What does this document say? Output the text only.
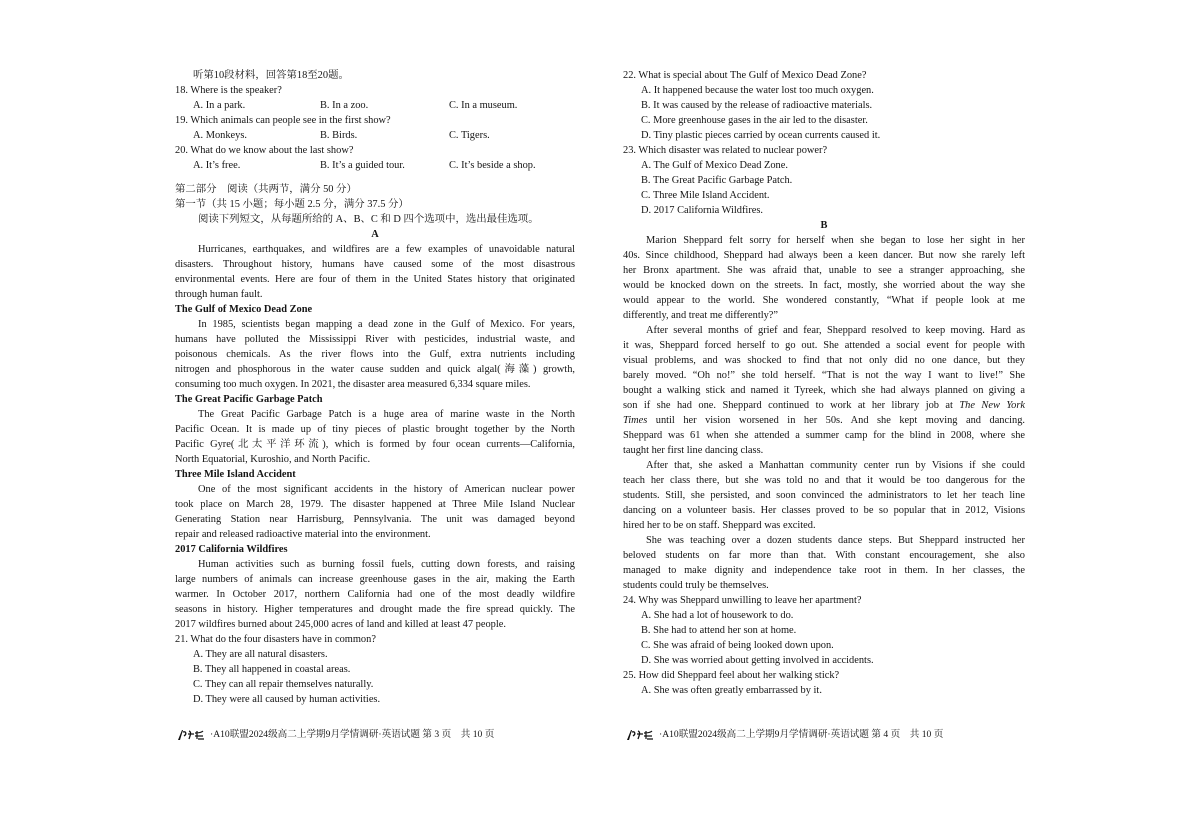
听第10段材料，回答第18至20题。
18. Where is the speaker?
A. In a park.	B. In a zoo.	C. In a museum.
19. Which animals can people see in the first show?
A. Monkeys.	B. Birds.	C. Tigers.
20. What do we know about the last show?
A. It’s free.	B. It’s a guided tour.	C. It’s beside a shop.
第二部分　阅读（共两节，满分 50 分）
第一节（共 15 小题；每小题 2.5 分，满分 37.5 分）
阅读下列短文，从每题所给的 A、B、C 和 D 四个选项中，选出最佳选项。
A
Hurricanes, earthquakes, and wildfires are a few examples of unavoidable natural
disasters. Throughout history, humans have caused some of the most disastrous
environmental events. Here are four of them in the United States history that originated
through human fault.
The Gulf of Mexico Dead Zone
In 1985, scientists began mapping a dead zone in the Gulf of Mexico. For years,
humans have polluted the Mississippi River with pesticides, industrial waste, and
poisonous chemicals. As the river flows into the Gulf, extra nutrients including
nitrogen and phosphorous in the water cause sudden and quick algal(海藻) growth,
consuming too much oxygen. In 2021, the disaster area measured 6,334 square miles.
The Great Pacific Garbage Patch
The Great Pacific Garbage Patch is a huge area of marine waste in the North
Pacific Ocean. It is made up of tiny pieces of plastic brought together by the North
Pacific Gyre(北太平洋环流), which is formed by four ocean currents—California,
North Equatorial, Kuroshio, and North Pacific.
Three Mile Island Accident
One of the most significant accidents in the history of American nuclear power
took place on March 28, 1979. The disaster happened at Three Mile Island Nuclear
Generating Station near Harrisburg, Pennsylvania. The unit was damaged beyond
repair and released radioactive material into the environment.
2017 California Wildfires
Human activities such as burning fossil fuels, cutting down forests, and raising
large numbers of animals can increase greenhouse gases in the air, making the Earth
warmer. In October 2017, northern California had one of the most deadly wildfire
seasons in history. Higher temperatures and drought made the fire spread quickly. The
2017 wildfires burned about 245,000 acres of land and killed at least 47 people.
21. What do the four disasters have in common?
A. They are all natural disasters.
B. They all happened in coastal areas.
C. They can all repair themselves naturally.
D. They were all caused by human activities.
22. What is special about The Gulf of Mexico Dead Zone?
A. It happened because the water lost too much oxygen.
B. It was caused by the release of radioactive materials.
C. More greenhouse gases in the air led to the disaster.
D. Tiny plastic pieces carried by ocean currents caused it.
23. Which disaster was related to nuclear power?
A. The Gulf of Mexico Dead Zone.
B. The Great Pacific Garbage Patch.
C. Three Mile Island Accident.
D. 2017 California Wildfires.
B
Marion Sheppard felt sorry for herself when she began to lose her sight in her
40s. Since childhood, Sheppard had always been a keen dancer. But now she rarely left
her Bronx apartment. She was afraid that, unable to see a stranger approaching, she
would be knocked down on the streets. In fact, mostly, she worried about the way she
would appear to the world. She wondered constantly, “What if people look at me
differently, and treat me differently?”
After several months of grief and fear, Sheppard resolved to keep moving. Hard as
it was, Sheppard forced herself to go out. She attended a social event for people with
visual problems, and was shocked to find that not only did no one dance, but they
barely moved. “Oh no!” she told herself. “That is not the way I want to live!” She
bought a walking stick and named it Tyreek, which she had always planned on giving a
son if she had one. Sheppard continued to work at her library job at The New York
Times until her vision worsened in her 50s. And she kept moving and dancing.
Sheppard was 61 when she attended a summer camp for the blind in 2008, where she
taught her first line dancing class.
After that, she asked a Manhattan community center run by Visions if she could
teach her class there, but she was told no and that it would be too dangerous for the
students. Still, she persisted, and soon convinced the administrators to let her teach line
dancing on a volunteer basis. Her classes proved to be so popular that in 2012, Visions
hired her to be on staff. Sheppard was excited.
She was teaching over a dozen students dance steps. But Sheppard instructed her
beloved students on far more than that. With constant encouragement, she also
managed to make dignity and independence take root in them. In her classes, the
students could truly be themselves.
24. Why was Sheppard unwilling to leave her apartment?
A. She had a lot of housework to do.
B. She had to attend her son at home.
C. She was afraid of being looked down upon.
D. She was worried about getting involved in accidents.
25. How did Sheppard feel about her walking stick?
A. She was often greatly embarrassed by it.
·A10联盟2024级高二上学期9月学情调研·英语试题 第 3 页　共 10 页	·A10联盟2024级高二上学期9月学情调研·英语试题 第 4 页　共 10 页
